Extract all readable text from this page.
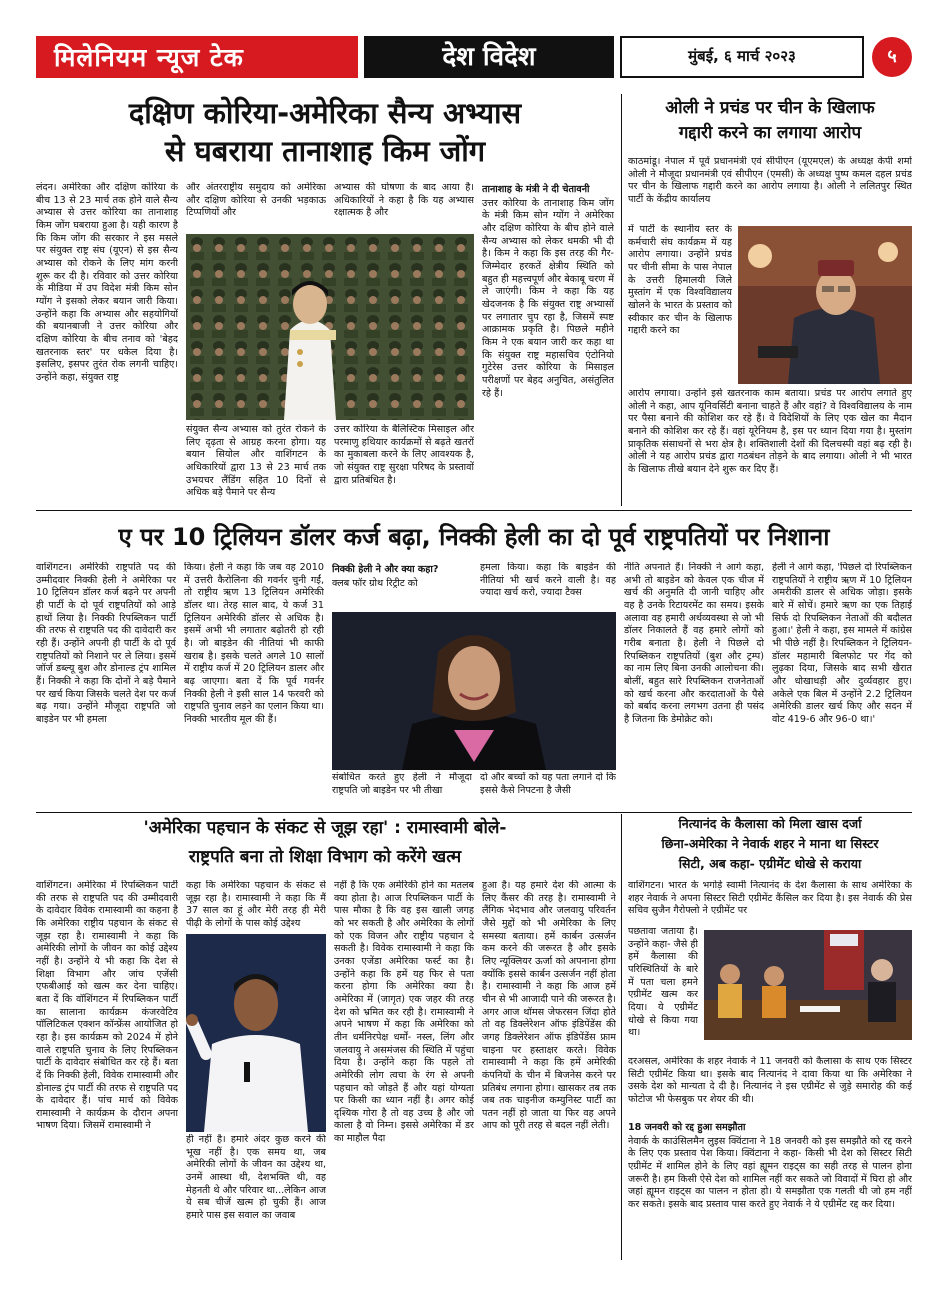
मिलेनियम न्यूज टेक	देश विदेश	मुंबई, ६ मार्च २०२३	५
दक्षिण कोरिया-अमेरिका सैन्य अभ्यास
से घबराया तानाशाह किम जोंग

लंदन। अमेरिका और दक्षिण कोरिया के बीच 13 से 23 मार्च तक होने वाले सैन्य अभ्यास से उत्तर कोरिया का तानाशाह किम जोंग घबराया हुआ है। यही कारण है कि किम जोंग की सरकार ने इस मसले पर संयुक्त राष्ट्र संघ (यूएन) से इस सैन्य अभ्यास को रोकने के लिए मांग करनी शुरू कर दी है। रविवार को उत्तर कोरिया के मीडिया में उप विदेश मंत्री किम सोन ग्योंग ने इसको लेकर बयान जारी किया। उन्होंने कहा कि अभ्यास और सहयोगियों की बयानबाजी ने उत्तर कोरिया और दक्षिण कोरिया के बीच तनाव को 'बेहद खतरनाक स्तर' पर धकेल दिया है। इसलिए, इसपर तुरंत रोक लगनी चाहिए। उन्होंने कहा, संयुक्त राष्ट्र

और अंतरराष्ट्रीय समुदाय को अमेरिका और दक्षिण कोरिया से उनकी भड़काऊ टिप्पणियों और

अभ्यास की घोषणा के बाद आया है। अधिकारियों ने कहा है कि यह अभ्यास रक्षात्मक है और

संयुक्त सैन्य अभ्यास को तुरंत रोकने के लिए दृढ़ता से आग्रह करना होगा। यह बयान सियोल और वाशिंगटन के अधिकारियों द्वारा 13 से 23 मार्च तक उभयचर लैंडिंग सहित 10 दिनों से अधिक बड़े पैमाने पर सैन्य

उत्तर कोरिया के बैलिस्टिक मिसाइल और परमाणु हथियार कार्यक्रमों से बढ़ते खतरों का मुकाबला करने के लिए आवश्यक है, जो संयुक्त राष्ट्र सुरक्षा परिषद के प्रस्तावों द्वारा प्रतिबंधित है।

तानाशाह के मंत्री ने दी चेतावनी

उत्तर कोरिया के तानाशाह किम जोंग के मंत्री किम सोन ग्योंग ने अमेरिका और दक्षिण कोरिया के बीच होने वाले सैन्य अभ्यास को लेकर धमकी भी दी है। किम ने कहा कि इस तरह की गैर-जिम्मेदार हरकतें क्षेत्रीय स्थिति को बहुत ही महत्त्वपूर्ण और बेकाबू चरण में ले जाएंगी। किम ने कहा कि यह खेदजनक है कि संयुक्त राष्ट्र अभ्यासों पर लगातार चुप रहा है, जिसमें स्पष्ट आक्रामक प्रकृति है। पिछले महीने किम ने एक बयान जारी कर कहा था कि संयुक्त राष्ट्र महासचिव एंटोनियो गुटेरेस उत्तर कोरिया के मिसाइल परीक्षणों पर बेहद अनुचित, असंतुलित रहे हैं।

ओली ने प्रचंड पर चीन के खिलाफ
गद्दारी करने का लगाया आरोप

काठमांडू। नेपाल में पूर्व प्रधानमंत्री एवं सीपीएन (यूएमएल) के अध्यक्ष केपी शर्मा ओली ने मौजूदा प्रधानमंत्री एवं सीपीएन (एमसी) के अध्यक्ष पुष्प कमल दहल प्रचंड पर चीन के खिलाफ गद्दारी करने का आरोप लगाया है। ओली ने ललितपुर स्थित पार्टी के केंद्रीय कार्यालय

में पार्टी के स्थानीय स्तर के कर्मचारी संघ कार्यक्रम में यह आरोप लगाया। उन्होंने प्रचंड पर चीनी सीमा के पास नेपाल के उत्तरी हिमालयी जिले मुस्तांग में एक विश्वविद्यालय खोलने के भारत के प्रस्ताव को स्वीकार कर चीन के खिलाफ गद्दारी करने का

आरोप लगाया। उन्होंने इसे खतरनाक काम बताया। प्रचंड पर आरोप लगाते हुए ओली ने कहा, आप यूनिवर्सिटी बनाना चाहते हैं और वहां? वे विश्वविद्यालय के नाम पर पैसा बनाने की कोशिश कर रहे हैं। वे विदेशियों के लिए एक खेल का मैदान बनाने की कोशिश कर रहे हैं। वहां यूरेनियम है, इस पर ध्यान दिया गया है। मुस्तांग प्राकृतिक संसाधनों से भरा क्षेत्र है। शक्तिशाली देशों की दिलचस्पी वहां बढ़ रही है। ओली ने यह आरोप प्रचंड द्वारा गठबंधन तोड़ने के बाद लगाया। ओली ने भी भारत के खिलाफ तीखे बयान देने शुरू कर दिए हैं।

ए पर 10 ट्रिलियन डॉलर कर्ज बढ़ा, निक्की हेली का दो पूर्व राष्ट्रपतियों पर निशाना

वाशिंगटन। अमेरिकी राष्ट्रपति पद की उम्मीदवार निक्की हेली ने अमेरिका पर 10 ट्रिलियन डॉलर कर्ज बढ़ने पर अपनी ही पार्टी के दो पूर्व राष्ट्रपतियों को आड़े हाथों लिया है। निक्की रिपब्लिकन पार्टी की तरफ से राष्ट्रपति पद की दावेदारी कर रही हैं। उन्होंने अपनी ही पार्टी के दो पूर्व राष्ट्रपतियों को निशाने पर ले लिया। इसमें जॉर्ज डब्ल्यू बुश और डोनाल्ड ट्रंप शामिल हैं। निक्की ने कहा कि दोनों ने बड़े पैमाने पर खर्च किया जिसके चलते देश पर कर्ज बढ़ गया। उन्होंने मौजूदा राष्ट्रपति जो बाइडेन पर भी हमला

किया। हेली ने कहा कि जब वह 2010 में उत्तरी कैरोलिना की गवर्नर चुनी गईं, तो राष्ट्रीय ऋण 13 ट्रिलियन अमेरिकी डॉलर था। तेरह साल बाद, ये कर्ज 31 ट्रिलियन अमेरिकी डॉलर से अधिक है। इसमें अभी भी लगातार बढ़ोतरी हो रही है। जो बाइडेन की नीतियां भी काफी खराब है। इसके चलते अगले 10 सालों में राष्ट्रीय कर्ज में 20 ट्रिलियन डालर और बढ़ जाएगा। बता दें कि पूर्व गवर्नर निक्की हेली ने इसी साल 14 फरवरी को राष्ट्रपति चुनाव लड़ने का एलान किया था। निक्की भारतीय मूल की हैं।

निक्की हेली ने और क्या कहा?

क्लब फॉर ग्रोथ रिट्रीट को

हमला किया। कहा कि बाइडेन की नीतियां भी खर्च करने वाली है। वह ज्यादा खर्च करो, ज्यादा टैक्स

संबोधित करते हुए हेली ने मौजूदा राष्ट्रपति जो बाइडेन पर भी तीखा

दो और बच्चों को यह पता लगाने दो कि इससे कैसे निपटना है जैसी

नीति अपनाते हैं। निक्की ने आगे कहा, अभी तो बाइडेन को केवल एक चीज में खर्च की अनुमति दी जानी चाहिए और वह है उनके रिटायरमेंट का समय। इसके अलावा वह हमारी अर्थव्यवस्था से जो भी डॉलर निकालते हैं वह हमारे लोगों को गरीब बनाता है। हेली ने पिछले दो रिपब्लिकन राष्ट्रपतियों (बुश और ट्रम्प) का नाम लिए बिना उनकी आलोचना की। बोलीं, बहुत सारे रिपब्लिकन राजनेताओं को खर्च करना और करदाताओं के पैसे को बर्बाद करना लगभग उतना ही पसंद है जितना कि डेमोक्रेट को।

हेली ने आगे कहा, 'पिछले दो रिपब्लिकन राष्ट्रपतियों ने राष्ट्रीय ऋण में 10 ट्रिलियन अमरीकी डालर से अधिक जोड़ा। इसके बारे में सोचें। हमारे ऋण का एक तिहाई सिर्फ दो रिपब्लिकन नेताओं की बदौलत हुआ।' हेली ने कहा, इस मामले में कांग्रेस भी पीछे नहीं है। रिपब्लिकन ने ट्रिलियन-डॉलर महामारी बिलफोट पर गेंद को लुढ़का दिया, जिसके बाद सभी खैरात और धोखाधड़ी और दुर्व्यवहार हुए। अकेले एक बिल में उन्होंने 2.2 ट्रिलियन अमेरिकी डालर खर्च किए और सदन में वोट 419-6 और 96-0 था।'

'अमेरिका पहचान के संकट से जूझ रहा' : रामास्वामी बोले-
राष्ट्रपति बना तो शिक्षा विभाग को करेंगे खत्म

वाशिंगटन। अमेरिका में रिपब्लिकन पार्टी की तरफ से राष्ट्रपति पद की उम्मीदवारी के दावेदार विवेक रामास्वामी का कहना है कि अमेरिका राष्ट्रीय पहचान के संकट से जूझ रहा है। रामास्वामी ने कहा कि अमेरिकी लोगों के जीवन का कोई उद्देश्य नहीं है। उन्होंने ये भी कहा कि देश से शिक्षा विभाग और जांच एजेंसी एफबीआई को खत्म कर देना चाहिए। बता दें कि वॉशिंगटन में रिपब्लिकन पार्टी का सालाना कार्यक्रम कंजरवेटिव पॉलिटिकल एक्शन कॉन्फ्रेंस आयोजित हो रहा है। इस कार्यक्रम को 2024 में होने वाले राष्ट्रपति चुनाव के लिए रिपब्लिकन पार्टी के दावेदार संबोधित कर रहे हैं। बता दें कि निक्की हेली, विवेक रामास्वामी और डोनाल्ड ट्रंप पार्टी की तरफ से राष्ट्रपति पद के दावेदार हैं। पांच मार्च को विवेक रामास्वामी ने कार्यक्रम के दौरान अपना भाषण दिया। जिसमें रामास्वामी ने

कहा कि अमेरिका पहचान के संकट से जूझ रहा है। रामास्वामी ने कहा कि मैं 37 साल का हूं और मेरी तरह ही मेरी पीढ़ी के लोगों के पास कोई उद्देश्य

ही नहीं है। हमारे अंदर कुछ करने की भूख नहीं है। एक समय था, जब अमेरिकी लोगों के जीवन का उद्देश्य था, उनमें आस्था थी, देशभक्ति थी, वह मेहनती थे और परिवार था...लेकिन आज ये सब चीजें खत्म हो चुकी हैं। आज हमारे पास इस सवाल का जवाब

नहीं है कि एक अमेरिकी होने का मतलब क्या होता है। आज रिपब्लिकन पार्टी के पास मौका है कि वह इस खाली जगह को भर सकती है और अमेरिका के लोगों को एक विजन और राष्ट्रीय पहचान दे सकती है। विवेक रामास्वामी ने कहा कि उनका एजेंडा अमेरिका फर्स्ट का है। उन्होंने कहा कि हमें यह फिर से पता करना होगा कि अमेरिका क्या है। अमेरिका में (जागृत) एक जहर की तरह देश को भ्रमित कर रही है। रामास्वामी ने अपने भाषण में कहा कि अमेरिका को तीन धर्मनिरपेक्ष धर्मों- नस्ल, लिंग और जलवायु ने असमंजस की स्थिति में पहुंचा दिया है। उन्होंने कहा कि पहले तो अमेरिकी लोग त्वचा के रंग से अपनी पहचान को जोड़ते हैं और यहां योग्यता पर किसी का ध्यान नहीं है। अगर कोई दृश्यिक गोरा है तो वह उच्च है और जो काला है वो निम्न। इससे अमेरिका में डर का माहौल पैदा

हुआ है। यह हमारे देश की आत्मा के लिए कैंसर की तरह है। रामास्वामी ने लैंगिक भेदभाव और जलवायु परिवर्तन जैसे मुद्दों को भी अमेरिका के लिए समस्या बताया। हमें कार्बन उत्सर्जन कम करने की जरूरत है और इसके लिए न्यूक्लियर ऊर्जा को अपनाना होगा क्योंकि इससे कार्बन उत्सर्जन नहीं होता है। रामास्वामी ने कहा कि आज हमें चीन से भी आजादी पाने की जरूरत है। अगर आज थॉमस जेफरसन जिंदा होते तो वह डिक्लेरेशन ऑफ इंडिपेंडेंस की जगह डिक्लेरेशन ऑफ इंडिपेंडेंस फ्राम चाइना पर हस्ताक्षर करते। विवेक रामास्वामी ने कहा कि हमें अमेरिकी कंपनियों के चीन में बिजनेस करने पर प्रतिबंध लगाना होगा। खासकर तब तक जब तक चाइनीज कम्युनिस्ट पार्टी का पतन नहीं हो जाता या फिर वह अपने आप को पूरी तरह से बदल नहीं लेती।

नित्यानंद के कैलासा को मिला खास दर्जा
छिना-अमेरिका ने नेवार्क शहर ने माना था सिस्टर
सिटी, अब कहा- एग्रीमेंट धोखे से कराया

वाशिंगटन। भारत के भगोड़े स्वामी नित्यानंद के देश कैलासा के साथ अमेरिका के शहर नेवार्क ने अपना सिस्टर सिटी एग्रीमेंट कैंसिल कर दिया है। इस नेवार्क की प्रेस सचिव सुजैन गैरोफ्लो ने एग्रीमेंट पर

पछतावा जताया है। उन्होंने कहा- जैसे ही हमें कैलासा की परिस्थितियों के बारे में पता चला हमने एग्रीमेंट खत्म कर दिया। ये एग्रीमेंट धोखे से किया गया था।

दरअसल, अमेरिका के शहर नेवार्क ने 11 जनवरी को कैलासा के साथ एक सिस्टर सिटी एग्रीमेंट किया था। इसके बाद नित्यानंद ने दावा किया था कि अमेरिका ने उसके देश को मान्यता दे दी है। नित्यानंद ने इस एग्रीमेंट से जुड़े समारोह की कई फोटोज भी फेसबुक पर शेयर की थी।

18 जनवरी को रद्द हुआ समझौता

नेवार्क के काउंसिलमैन लुइस क्विंटाना ने 18 जनवरी को इस समझौते को रद्द करने के लिए एक प्रस्ताव पेश किया। क्विंटाना ने कहा- किसी भी देश को सिस्टर सिटी एग्रीमेंट में शामिल होने के लिए वहां ह्यूमन राइट्स का सही तरह से पालन होना जरूरी है। हम किसी ऐसे देश को शामिल नहीं कर सकते जो विवादों में घिरा हो और जहां ह्यूमन राइट्स का पालन न होता हो। ये समझौता एक गलती थी जो हम नहीं कर सकते। इसके बाद प्रस्ताव पास करते हुए नेवार्क ने ये एग्रीमेंट रद्द कर दिया।
